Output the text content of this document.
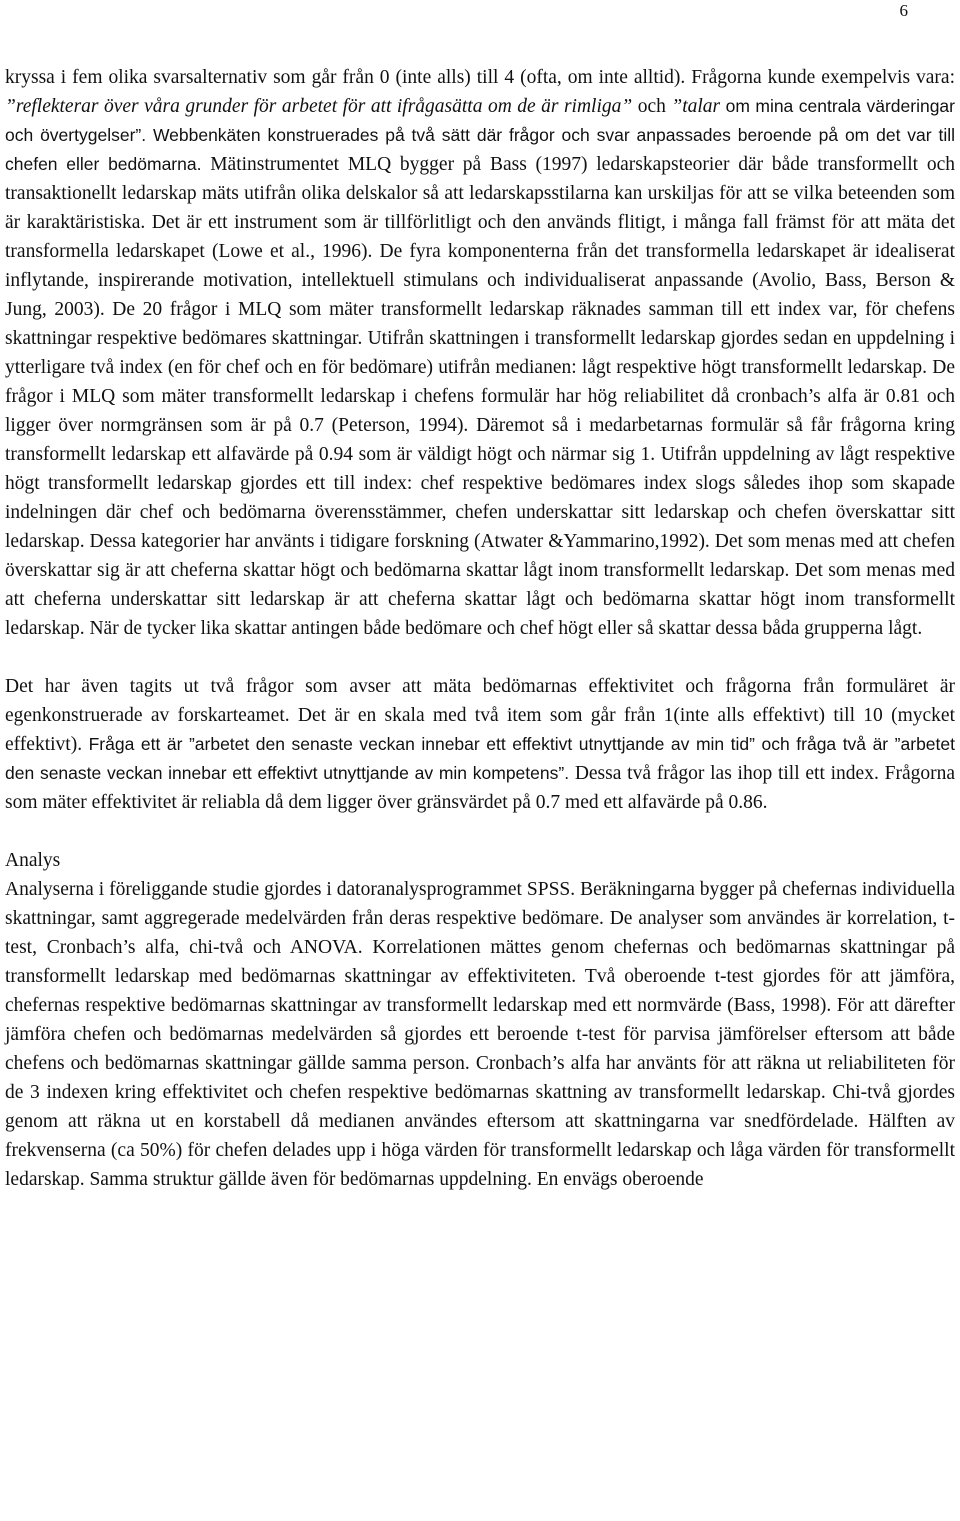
6

kryssa i fem olika svarsalternativ som går från 0 (inte alls) till 4 (ofta, om inte alltid). Frågorna kunde exempelvis vara: ”reflekterar över våra grunder för arbetet för att ifrågasätta om de är rimliga” och ”talar om mina centrala värderingar och övertygelser”. Webbenkäten konstruerades på två sätt där frågor och svar anpassades beroende på om det var till chefen eller bedömarna. Mätinstrumentet MLQ bygger på Bass (1997) ledarskapsteorier där både transformellt och transaktionellt ledarskap mäts utifrån olika delskalor så att ledarskapsstilarna kan urskiljas för att se vilka beteenden som är karaktäristiska. Det är ett instrument som är tillförlitligt och den används flitigt, i många fall främst för att mäta det transformella ledarskapet (Lowe et al., 1996). De fyra komponenterna från det transformella ledarskapet är idealiserat inflytande, inspirerande motivation, intellektuell stimulans och individualiserat anpassande (Avolio, Bass, Berson & Jung, 2003). De 20 frågor i MLQ som mäter transformellt ledarskap räknades samman till ett index var, för chefens skattningar respektive bedömares skattningar. Utifrån skattningen i transformellt ledarskap gjordes sedan en uppdelning i ytterligare två index (en för chef och en för bedömare) utifrån medianen: lågt respektive högt transformellt ledarskap. De frågor i MLQ som mäter transformellt ledarskap i chefens formulär har hög reliabilitet då cronbach’s alfa är 0.81 och ligger över normgränsen som är på 0.7 (Peterson, 1994). Däremot så i medarbetarnas formulär så får frågorna kring transformellt ledarskap ett alfavärde på 0.94 som är väldigt högt och närmar sig 1. Utifrån uppdelning av lågt respektive högt transformellt ledarskap gjordes ett till index: chef respektive bedömares index slogs således ihop som skapade indelningen där chef och bedömarna överensstämmer, chefen underskattar sitt ledarskap och chefen överskattar sitt ledarskap. Dessa kategorier har använts i tidigare forskning (Atwater &Yammarino,1992). Det som menas med att chefen överskattar sig är att cheferna skattar högt och bedömarna skattar lågt inom transformellt ledarskap. Det som menas med att cheferna underskattar sitt ledarskap är att cheferna skattar lågt och bedömarna skattar högt inom transformellt ledarskap. När de tycker lika skattar antingen både bedömare och chef högt eller så skattar dessa båda grupperna lågt.

Det har även tagits ut två frågor som avser att mäta bedömarnas effektivitet och frågorna från formuläret är egenkonstruerade av forskarteamet. Det är en skala med två item som går från 1(inte alls effektivt) till 10 (mycket effektivt). Fråga ett är ”arbetet den senaste veckan innebar ett effektivt utnyttjande av min tid” och fråga två är ”arbetet den senaste veckan innebar ett effektivt utnyttjande av min kompetens”. Dessa två frågor las ihop till ett index. Frågorna som mäter effektivitet är reliabla då dem ligger över gränsvärdet på 0.7 med ett alfavärde på 0.86.

Analys

Analyserna i föreliggande studie gjordes i datoranalysprogrammet SPSS. Beräkningarna bygger på chefernas individuella skattningar, samt aggregerade medelvärden från deras respektive bedömare. De analyser som användes är korrelation, t-test, Cronbach’s alfa, chi-två och ANOVA. Korrelationen mättes genom chefernas och bedömarnas skattningar på transformellt ledarskap med bedömarnas skattningar av effektiviteten. Två oberoende t-test gjordes för att jämföra, chefernas respektive bedömarnas skattningar av transformellt ledarskap med ett normvärde (Bass, 1998). För att därefter jämföra chefen och bedömarnas medelvärden så gjordes ett beroende t-test för parvisa jämförelser eftersom att både chefens och bedömarnas skattningar gällde samma person. Cronbach’s alfa har använts för att räkna ut reliabiliteten för de 3 indexen kring effektivitet och chefen respektive bedömarnas skattning av transformellt ledarskap. Chi-två gjordes genom att räkna ut en korstabell då medianen användes eftersom att skattningarna var snedfördelade. Hälften av frekvenserna (ca 50%) för chefen delades upp i höga värden för transformellt ledarskap och låga värden för transformellt ledarskap. Samma struktur gällde även för bedömarnas uppdelning. En envägs oberoende
